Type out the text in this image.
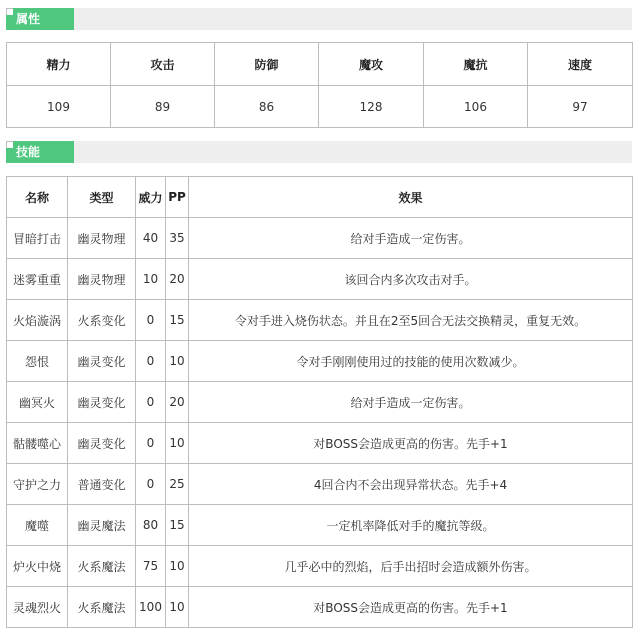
属性
精力	攻击	防御	魔攻	魔抗	速度
109	89	86	128	106	97
技能
名称	类型	威力	PP	效果
冒暗打击	幽灵物理	40	35	给对手造成一定伤害。
迷雾重重	幽灵物理	10	20	该回合内多次攻击对手。
火焰漩涡	火系变化	0	15	令对手进入烧伤状态。并且在2至5回合无法交换精灵，重复无效。
怨恨	幽灵变化	0	10	令对手刚刚使用过的技能的使用次数减少。
幽冥火	幽灵变化	0	20	给对手造成一定伤害。
骷髅噬心	幽灵变化	0	10	对BOSS会造成更高的伤害。先手+1
守护之力	普通变化	0	25	4回合内不会出现异常状态。先手+4
魔噬	幽灵魔法	80	15	一定机率降低对手的魔抗等级。
炉火中烧	火系魔法	75	10	几乎必中的烈焰，后手出招时会造成额外伤害。
灵魂烈火	火系魔法	100	10	对BOSS会造成更高的伤害。先手+1
